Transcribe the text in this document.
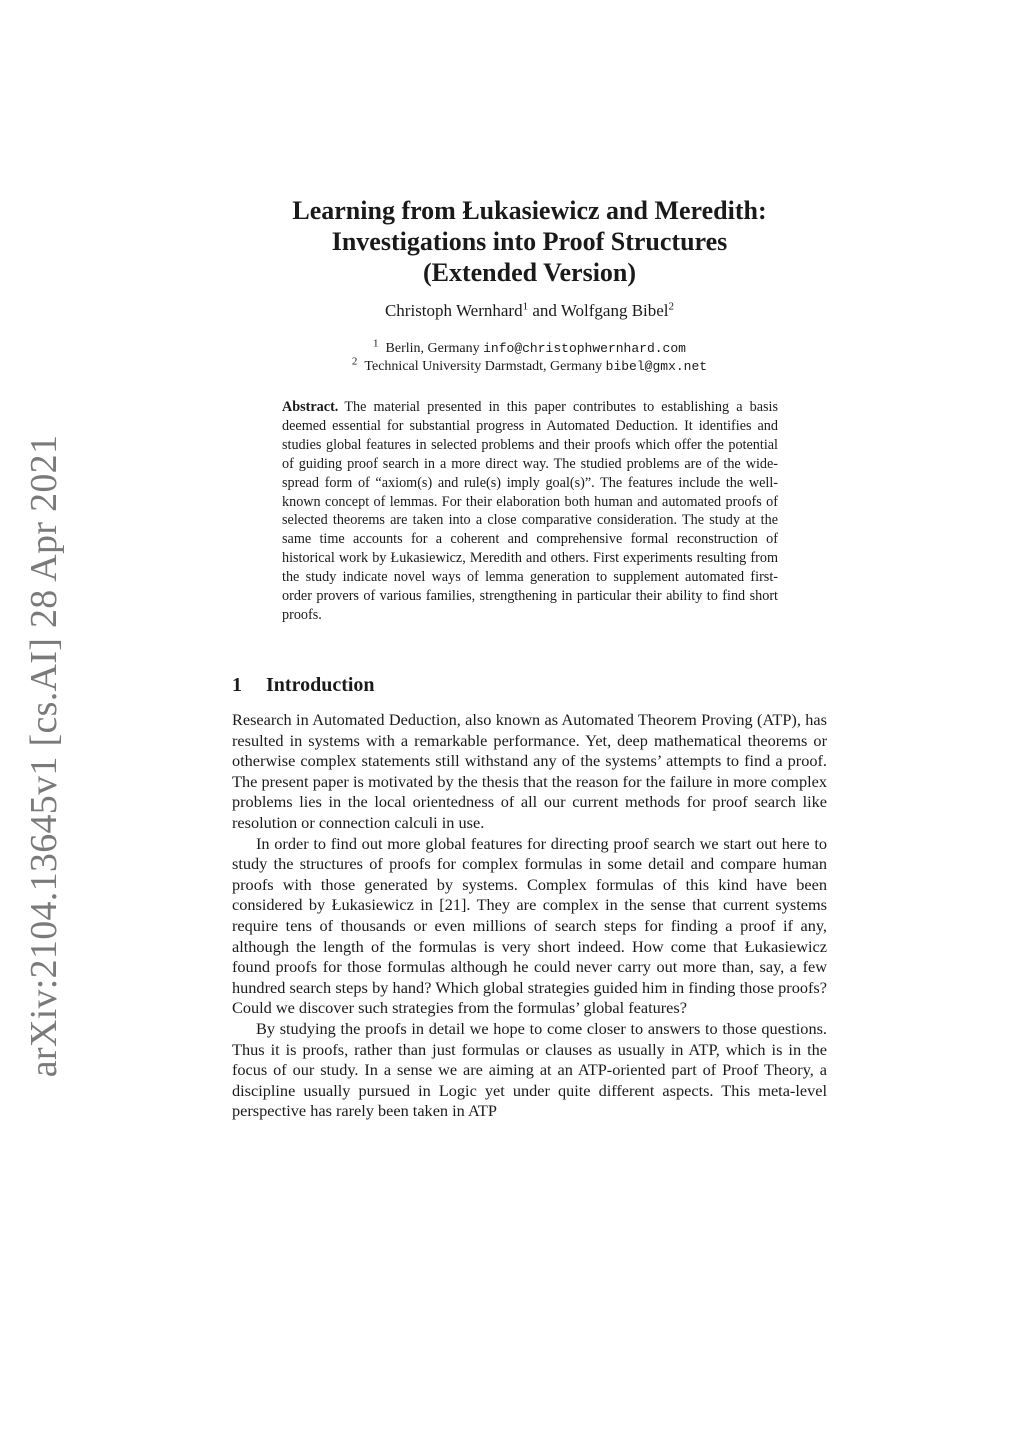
arXiv:2104.13645v1 [cs.AI] 28 Apr 2021

Learning from Łukasiewicz and Meredith:

Investigations into Proof Structures

(Extended Version)

Christoph Wernhard$^1$ and Wolfgang Bibel$^2$
$^1$ Berlin, Germany info@christophwernhard.com
$^2$ Technical University Darmstadt, Germany bibel@gmx.net
Abstract. The material presented in this paper contributes to establishing a basis deemed essential for substantial progress in Automated Deduction. It identifies and studies global features in selected problems and their proofs which offer the potential of guiding proof search in a more direct way. The studied problems are of the wide-spread form of “axiom(s) and rule(s) imply goal(s)”. The features include the well-known concept of lemmas. For their elaboration both human and automated proofs of selected theorems are taken into a close comparative consideration. The study at the same time accounts for a coherent and comprehensive formal reconstruction of historical work by Łukasiewicz, Meredith and others. First experiments resulting from the study indicate novel ways of lemma generation to supplement automated first-order provers of various families, strengthening in particular their ability to find short proofs.
1 Introduction

Research in Automated Deduction, also known as Automated Theorem Proving (ATP), has resulted in systems with a remarkable performance. Yet, deep mathematical theorems or otherwise complex statements still withstand any of the systems’ attempts to find a proof. The present paper is motivated by the thesis that the reason for the failure in more complex problems lies in the local orientedness of all our current methods for proof search like resolution or connection calculi in use.

In order to find out more global features for directing proof search we start out here to study the structures of proofs for complex formulas in some detail and compare human proofs with those generated by systems. Complex formulas of this kind have been considered by Łukasiewicz in [21]. They are complex in the sense that current systems require tens of thousands or even millions of search steps for finding a proof if any, although the length of the formulas is very short indeed. How come that Łukasiewicz found proofs for those formulas although he could never carry out more than, say, a few hundred search steps by hand? Which global strategies guided him in finding those proofs? Could we discover such strategies from the formulas’ global features?

By studying the proofs in detail we hope to come closer to answers to those questions. Thus it is proofs, rather than just formulas or clauses as usually in ATP, which is in the focus of our study. In a sense we are aiming at an ATP-oriented part of Proof Theory, a discipline usually pursued in Logic yet under quite different aspects. This meta-level perspective has rarely been taken in ATP
